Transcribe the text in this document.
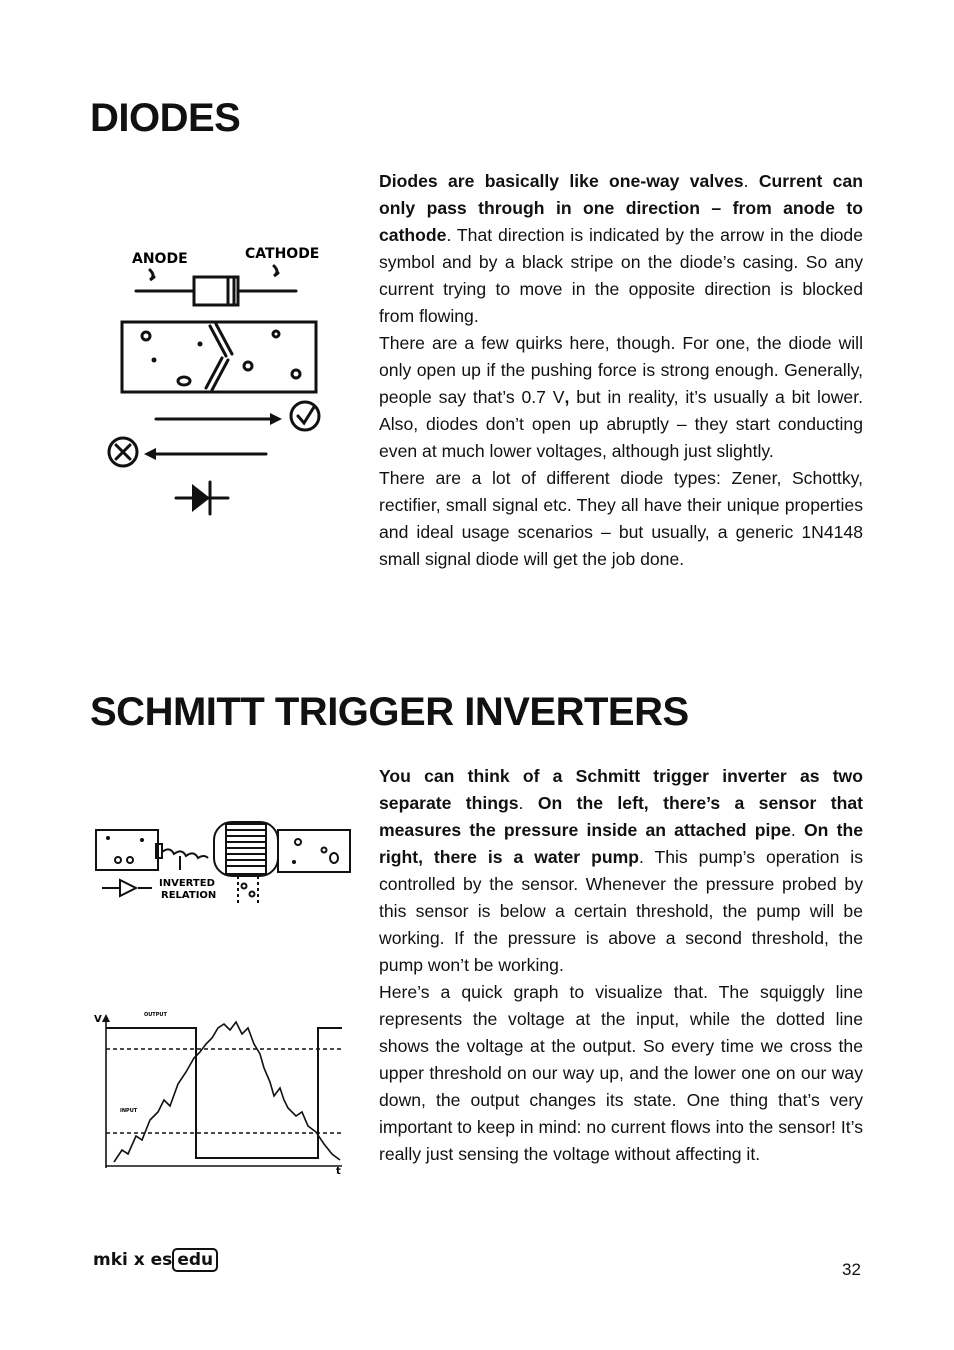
DIODES

Diodes are basically like one-way valves. Current can only pass through in one direction – from anode to cathode. That direction is indicated by the arrow in the diode symbol and by a black stripe on the diode’s casing. So any current trying to move in the opposite direction is blocked from flowing.

There are a few quirks here, though. For one, the diode will only open up if the pushing force is strong enough. Generally, people say that’s 0.7 V, but in reality, it’s usually a bit lower. Also, diodes don’t open up abruptly – they start conducting even at much lower voltages, although just slightly.

There are a lot of different diode types: Zener, Schottky, rectifier, small signal etc. They all have their unique properties and ideal usage scenarios – but usually, a generic 1N4148 small signal diode will get the job done.

ANODE	CATHODE
SCHMITT TRIGGER INVERTERS

You can think of a Schmitt trigger inverter as two separate things. On the left, there’s a sensor that measures the pressure inside an attached pipe. On the right, there is a water pump. This pump’s operation is controlled by the sensor. Whenever the pressure probed by this sensor is below a certain threshold, the pump will be working. If the pressure is above a second threshold, the pump won’t be working.

Here’s a quick graph to visualize that. The squiggly line represents the voltage at the input, while the dotted line shows the voltage at the output. So every time we cross the upper threshold on our way up, and the lower one on our way down, the output changes its state. One thing that’s very important to keep in mind: no current flows into the sensor! It’s really just sensing the voltage without affecting it.

INVERTED
RELATION
V
t
OUTPUT
INPUT
mki x es edu	32
